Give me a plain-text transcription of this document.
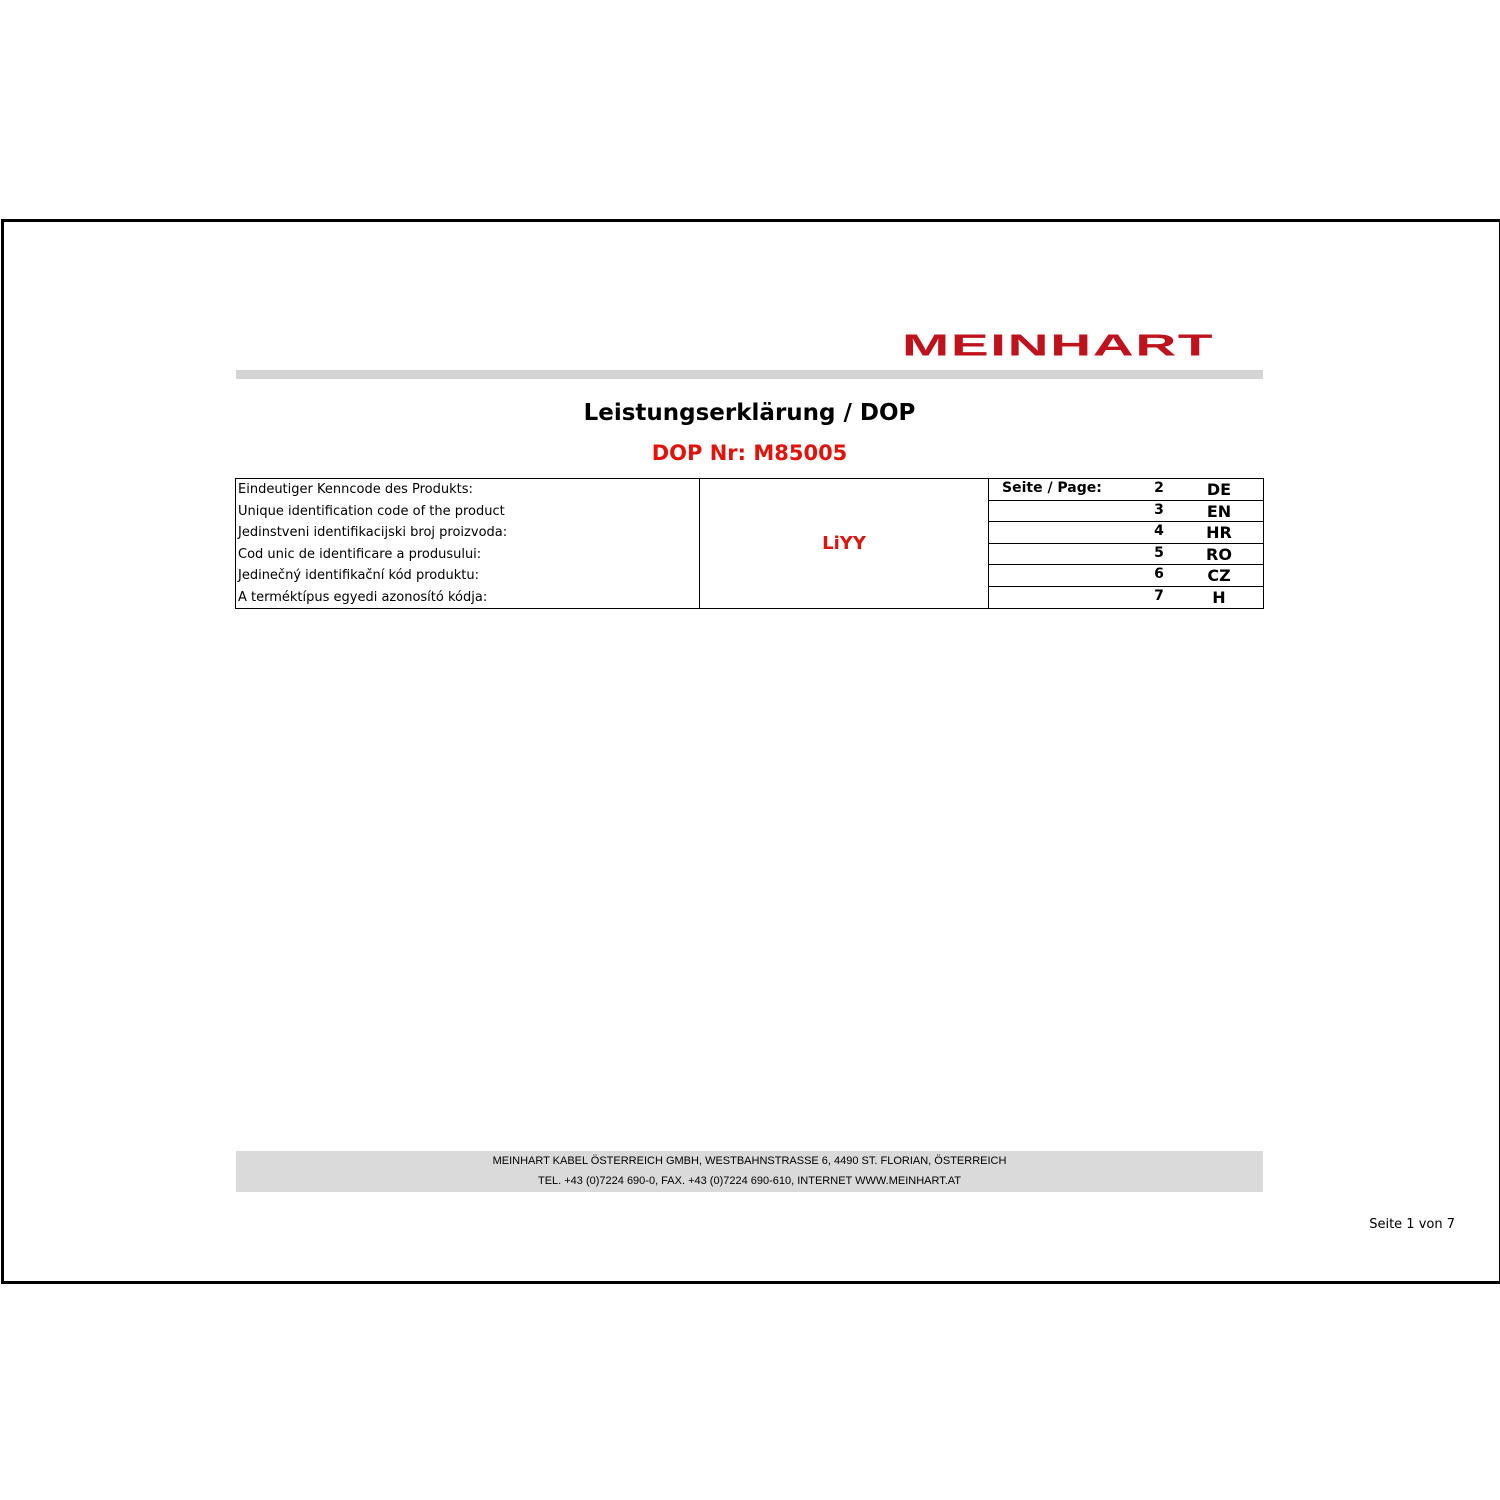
MEINHART
Leistungserklärung / DOP
DOP Nr: M85005
Eindeutiger Kenncode des Produkts:
Unique identification code of the product
Jedinstveni identifikacijski broj proizvoda:
Cod unic de identificare a produsului:
Jedinečný identifikační kód produktu:
A terméktípus egyedi azonosító kódja:
LiYY
Seite / Page:	2	DE
3	EN
4	HR
5	RO
6	CZ
7	H
MEINHART KABEL ÖSTERREICH GMBH, WESTBAHNSTRASSE 6, 4490 ST. FLORIAN, ÖSTERREICH
TEL. +43 (0)7224 690-0, FAX. +43 (0)7224 690-610, INTERNET WWW.MEINHART.AT
Seite 1 von 7
